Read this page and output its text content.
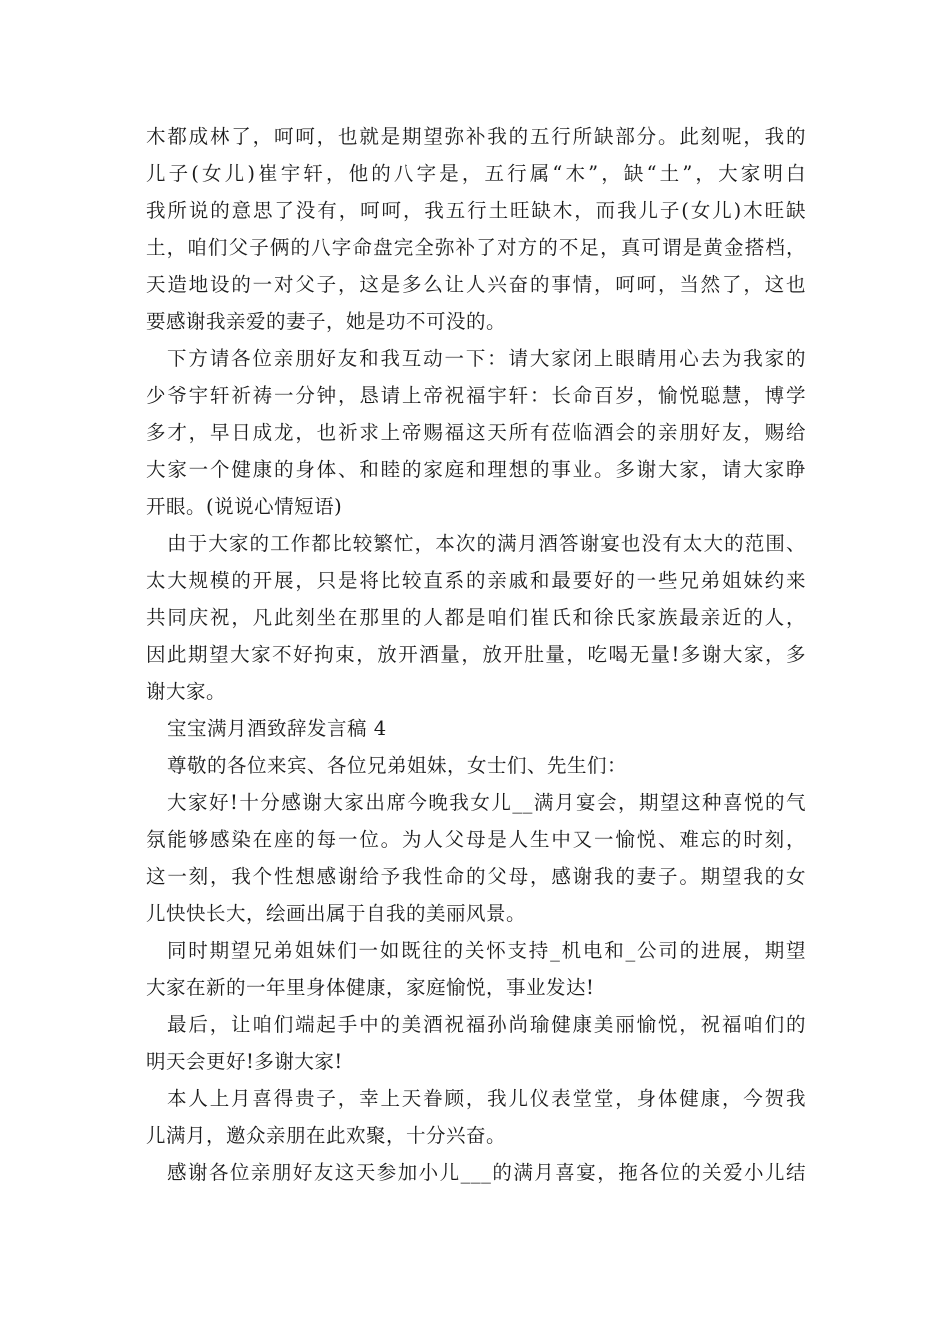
木都成林了，呵呵，也就是期望弥补我的五行所缺部分。此刻呢，我的
儿子(女儿)崔宇轩，他的八字是，五行属“木”，缺“土”，大家明白
我所说的意思了没有，呵呵，我五行土旺缺木，而我儿子(女儿)木旺缺
土，咱们父子俩的八字命盘完全弥补了对方的不足，真可谓是黄金搭档，
天造地设的一对父子，这是多么让人兴奋的事情，呵呵，当然了，这也
要感谢我亲爱的妻子，她是功不可没的。
下方请各位亲朋好友和我互动一下：请大家闭上眼睛用心去为我家的
少爷宇轩祈祷一分钟，恳请上帝祝福宇轩：长命百岁，愉悦聪慧，博学
多才，早日成龙，也祈求上帝赐福这天所有莅临酒会的亲朋好友，赐给
大家一个健康的身体、和睦的家庭和理想的事业。多谢大家，请大家睁
开眼。(说说心情短语)
由于大家的工作都比较繁忙，本次的满月酒答谢宴也没有太大的范围、
太大规模的开展，只是将比较直系的亲戚和最要好的一些兄弟姐妹约来
共同庆祝，凡此刻坐在那里的人都是咱们崔氏和徐氏家族最亲近的人，
因此期望大家不好拘束，放开酒量，放开肚量，吃喝无量!多谢大家，多
谢大家。
宝宝满月酒致辞发言稿 4
尊敬的各位来宾、各位兄弟姐妹，女士们、先生们：
大家好!十分感谢大家出席今晚我女儿__满月宴会，期望这种喜悦的气
氛能够感染在座的每一位。为人父母是人生中又一愉悦、难忘的时刻，
这一刻，我个性想感谢给予我性命的父母，感谢我的妻子。期望我的女
儿快快长大，绘画出属于自我的美丽风景。
同时期望兄弟姐妹们一如既往的关怀支持_机电和_公司的进展，期望
大家在新的一年里身体健康，家庭愉悦，事业发达!
最后，让咱们端起手中的美酒祝福孙尚瑜健康美丽愉悦，祝福咱们的
明天会更好!多谢大家!
本人上月喜得贵子，幸上天眷顾，我儿仪表堂堂，身体健康，今贺我
儿满月，邀众亲朋在此欢聚，十分兴奋。
感谢各位亲朋好友这天参加小儿___的满月喜宴，拖各位的关爱小儿结
